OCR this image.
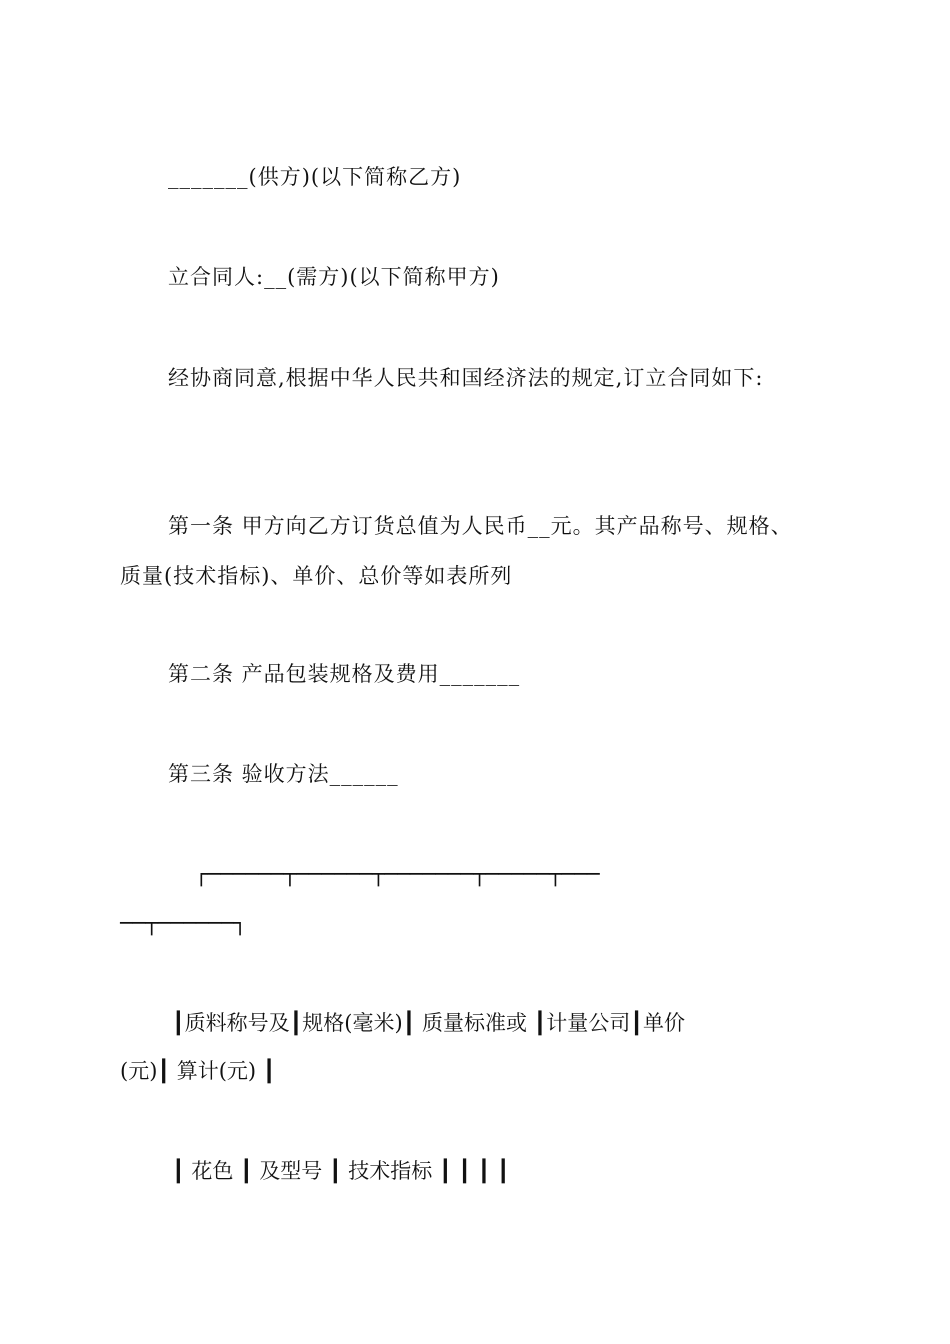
_______(供方)(以下简称乙方)
立合同人:__(需方)(以下简称甲方)
经协商同意,根据中华人民共和国经济法的规定,订立合同如下:
第一条 甲方向乙方订货总值为人民币__元。其产品称号、规格、
质量(技术指标)、单价、总价等如表所列
第二条 产品包装规格及费用_______
第三条 验收方法______
┌──────┬──────┬───────┬─────┬───
──┬──────┐
┃质料称号及┃规格(毫米)┃ 质量标准或 ┃计量公司┃单价
(元)┃ 算计(元) ┃
┃ 花色 ┃ 及型号 ┃ 技术指标 ┃ ┃ ┃ ┃
